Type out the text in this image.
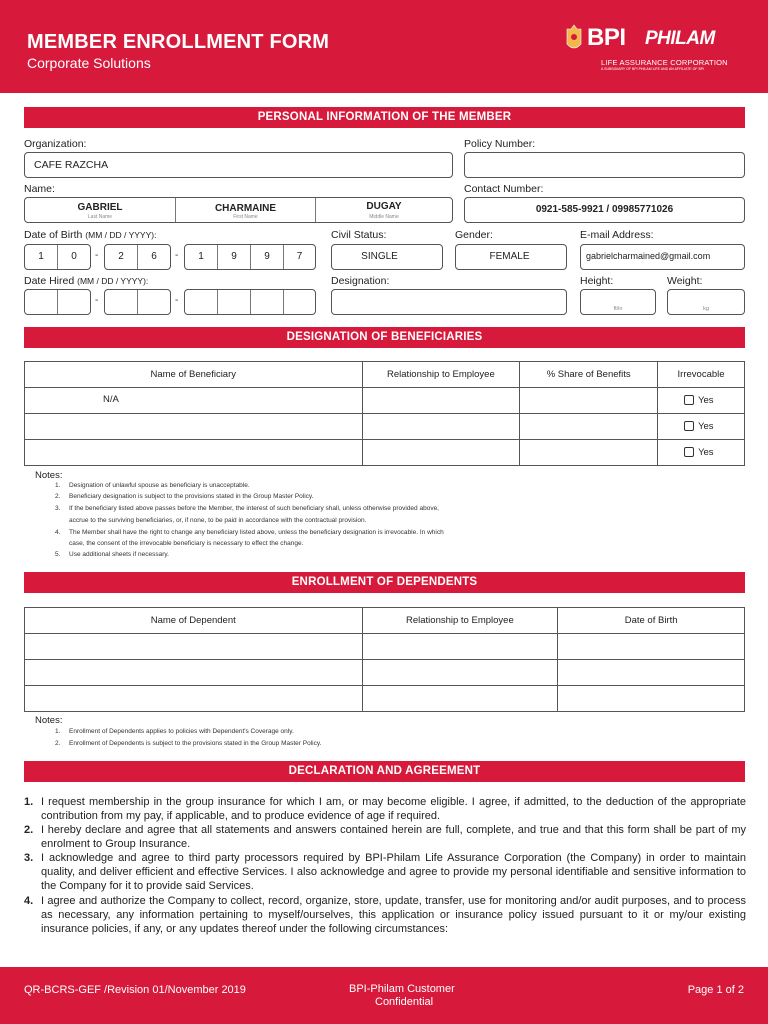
MEMBER ENROLLMENT FORM
Corporate Solutions
BPI PHILAM
LIFE ASSURANCE CORPORATION
A SUBSIDIARY OF BPI PHILAM LIFE AND AN AFFILIATE OF BPI
PERSONAL INFORMATION OF THE MEMBER
Organization:
CAFE RAZCHA
Policy Number:
Name:
GABRIEL
Last Name
CHARMAINE
First Name
DUGAY
Middle Name
Contact Number:
0921-585-9921 / 09985771026
Date of Birth (MM / DD / YYYY):
1	0	-	2	6	-	1	9	9	7
Civil Status:
SINGLE
Gender:
FEMALE
E-mail Address:
gabrielcharmained@gmail.com
Date Hired (MM / DD / YYYY):
-	-
Designation:	Height:
ft/in
Weight:
kg
DESIGNATION OF BENEFICIARIES
Name of Beneficiary	Relationship to Employee	% Share of Benefits	Irrevocable
N/A			Yes
			Yes
			Yes
Notes:
1. Designation of unlawful spouse as beneficiary is unacceptable.
2. Beneficiary designation is subject to the provisions stated in the Group Master Policy.
3. If the beneficiary listed above passes before the Member, the interest of such beneficiary shall, unless otherwise provided above,
accrue to the surviving beneficiaries, or, if none, to be paid in accordance with the contractual provision.
4. The Member shall have the right to change any beneficiary listed above, unless the beneficiary designation is irrevocable. In which
case, the consent of the irrevocable beneficiary is necessary to effect the change.
5. Use additional sheets if necessary.
ENROLLMENT OF DEPENDENTS
Name of Dependent	Relationship to Employee	Date of Birth

Notes:
1. Enrollment of Dependents applies to policies with Dependent's Coverage only.
2. Enrollment of Dependents is subject to the provisions stated in the Group Master Policy.
DECLARATION AND AGREEMENT
1. I request membership in the group insurance for which I am, or may become eligible. I agree, if admitted, to the deduction of the appropriate contribution from my pay, if applicable, and to produce evidence of age if required.
2. I hereby declare and agree that all statements and answers contained herein are full, complete, and true and that this form shall be part of my enrolment to Group Insurance.
3. I acknowledge and agree to third party processors required by BPI-Philam Life Assurance Corporation (the Company) in order to maintain quality, and deliver efficient and effective Services. I also acknowledge and agree to provide my personal identifiable and sensitive information to the Company for it to provide said Services.
4. I agree and authorize the Company to collect, record, organize, store, update, transfer, use for monitoring and/or audit purposes, and to process as necessary, any information pertaining to myself/ourselves, this application or insurance policy issued pursuant to it or my/our existing insurance policies, if any, or any updates thereof under the following circumstances:
QR-BCRS-GEF /Revision 01/November 2019	BPI-Philam Customer
Confidential
Page 1 of 2
